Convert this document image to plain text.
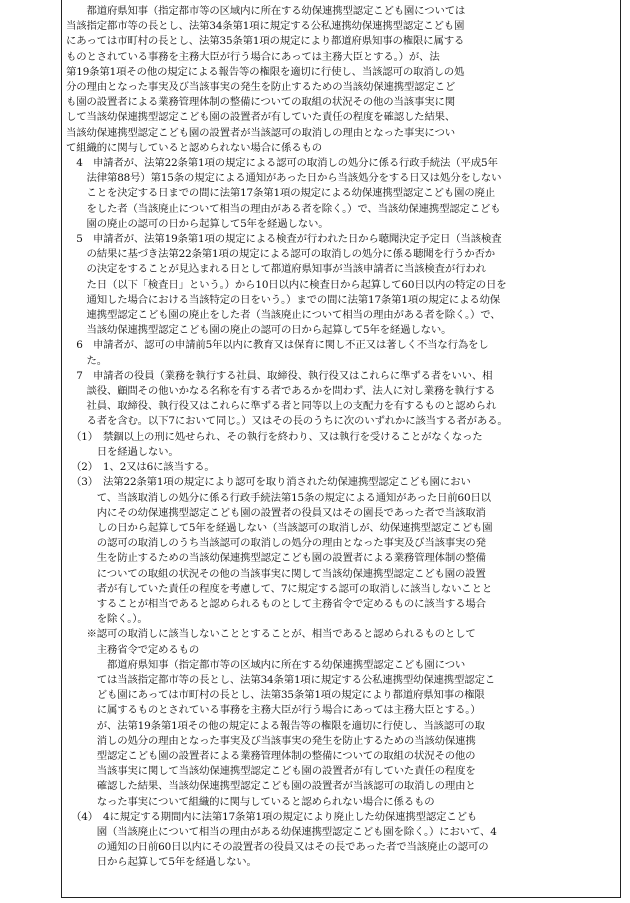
　　都道府県知事（指定都市等の区域内に所在する幼保連携型認定こども園については
当該指定都市等の長とし、法第34条第1項に規定する公私連携幼保連携型認定こども園
にあっては市町村の長とし、法第35条第1項の規定により都道府県知事の権限に属する
ものとされている事務を主務大臣が行う場合にあっては主務大臣とする。）が、法
第19条第1項その他の規定による報告等の権限を適切に行使し、当該認可の取消しの処
分の理由となった事実及び当該事実の発生を防止するための当該幼保連携型認定こど
も園の設置者による業務管理体制の整備についての取組の状況その他の当該事実に関
して当該幼保連携型認定こども園の設置者が有していた責任の程度を確認した結果、
当該幼保連携型認定こども園の設置者が当該認可の取消しの理由となった事実につい
て組織的に関与していると認められない場合に係るもの

　4　申請者が、法第22条第1項の規定による認可の取消しの処分に係る行政手続法（平成5年
　　法律第88号）第15条の規定による通知があった日から当該処分をする日又は処分をしない
　　ことを決定する日までの間に法第17条第1項の規定による幼保連携型認定こども園の廃止
　　をした者（当該廃止について相当の理由がある者を除く。）で、当該幼保連携型認定こども
　　園の廃止の認可の日から起算して5年を経過しない。

　5　申請者が、法第19条第1項の規定による検査が行われた日から聴聞決定予定日（当該検査
　　の結果に基づき法第22条第1項の規定による認可の取消しの処分に係る聴聞を行うか否か
　　の決定をすることが見込まれる日として都道府県知事が当該申請者に当該検査が行われ
　　た日（以下「検査日」という。）から10日以内に検査日から起算して60日以内の特定の日を
　　通知した場合における当該特定の日をいう。）までの間に法第17条第1項の規定による幼保
　　連携型認定こども園の廃止をした者（当該廃止について相当の理由がある者を除く。）で、
　　当該幼保連携型認定こども園の廃止の認可の日から起算して5年を経過しない。

　6　申請者が、認可の申請前5年以内に教育又は保育に関し不正又は著しく不当な行為をし
　　た。

　7　申請者の役員（業務を執行する社員、取締役、執行役又はこれらに準ずる者をいい、相
　　談役、顧問その他いかなる名称を有する者であるかを問わず、法人に対し業務を執行する
　　社員、取締役、執行役又はこれらに準ずる者と同等以上の支配力を有するものと認められ
　　る者を含む。以下7において同じ。）又はその長のうちに次のいずれかに該当する者がある。

　（1）　禁錮以上の刑に処せられ、その執行を終わり、又は執行を受けることがなくなった
　　　日を経過しない。

　（2）　1、2又は6に該当する。

　（3）　法第22条第1項の規定により認可を取り消された幼保連携型認定こども園におい
　　　て、当該取消しの処分に係る行政手続法第15条の規定による通知があった日前60日以
　　　内にその幼保連携型認定こども園の設置者の役員又はその園長であった者で当該取消
　　　しの日から起算して5年を経過しない（当該認可の取消しが、幼保連携型認定こども園
　　　の認可の取消しのうち当該認可の取消しの処分の理由となった事実及び当該事実の発
　　　生を防止するための当該幼保連携型認定こども園の設置者による業務管理体制の整備
　　　についての取組の状況その他の当該事実に関して当該幼保連携型認定こども園の設置
　　　者が有していた責任の程度を考慮して、7に規定する認可の取消しに該当しないことと
　　　することが相当であると認められるものとして主務省令で定めるものに該当する場合
　　　を除く。）。

　　※認可の取消しに該当しないこととすることが、相当であると認められるものとして
　　　主務省令で定めるもの

　　　　都道府県知事（指定都市等の区域内に所在する幼保連携型認定こども園につい
　　　ては当該指定都市等の長とし、法第34条第1項に規定する公私連携型幼保連携型認定こ
　　　ども園にあっては市町村の長とし、法第35条第1項の規定により都道府県知事の権限
　　　に属するものとされている事務を主務大臣が行う場合にあっては主務大臣とする。）
　　　が、法第19条第1項その他の規定による報告等の権限を適切に行使し、当該認可の取
　　　消しの処分の理由となった事実及び当該事実の発生を防止するための当該幼保連携
　　　型認定こども園の設置者による業務管理体制の整備についての取組の状況その他の
　　　当該事実に関して当該幼保連携型認定こども園の設置者が有していた責任の程度を
　　　確認した結果、当該幼保連携型認定こども園の設置者が当該認可の取消しの理由と
　　　なった事実について組織的に関与していると認められない場合に係るもの

　（4）　4に規定する期間内に法第17条第1項の規定により廃止した幼保連携型認定こども
　　　園（当該廃止について相当の理由がある幼保連携型認定こども園を除く。）において、4
　　　の通知の日前60日以内にその設置者の役員又はその長であった者で当該廃止の認可の
　　　日から起算して5年を経過しない。
